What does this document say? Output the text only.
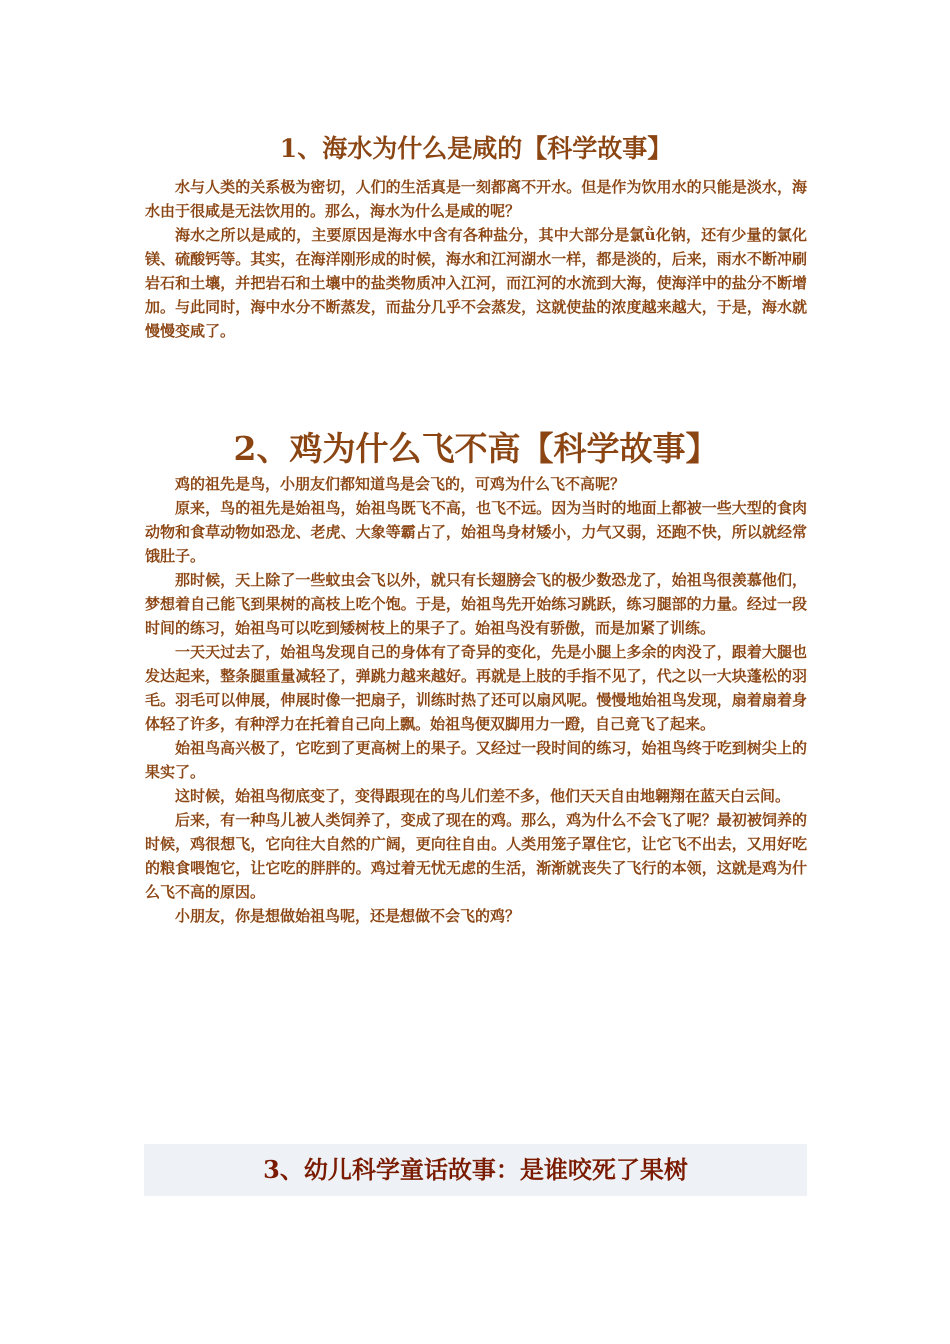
1、海水为什么是咸的【科学故事】

水与人类的关系极为密切，人们的生活真是一刻都离不开水。但是作为饮用水的只能是淡水，海水由于很咸是无法饮用的。那么，海水为什么是咸的呢？

海水之所以是咸的，主要原因是海水中含有各种盐分，其中大部分是氯ǜ化钠，还有少量的氯化镁、硫酸钙等。其实，在海洋刚形成的时候，海水和江河湖水一样，都是淡的，后来，雨水不断冲刷岩石和土壤，并把岩石和土壤中的盐类物质冲入江河，而江河的水流到大海，使海洋中的盐分不断增加。与此同时，海中水分不断蒸发，而盐分几乎不会蒸发，这就使盐的浓度越来越大，于是，海水就慢慢变咸了。

2、鸡为什么飞不高【科学故事】

鸡的祖先是鸟，小朋友们都知道鸟是会飞的，可鸡为什么飞不高呢？

原来，鸟的祖先是始祖鸟，始祖鸟既飞不高，也飞不远。因为当时的地面上都被一些大型的食肉动物和食草动物如恐龙、老虎、大象等霸占了，始祖鸟身材矮小，力气又弱，还跑不快，所以就经常饿肚子。

那时候，天上除了一些蚊虫会飞以外，就只有长翅膀会飞的极少数恐龙了，始祖鸟很羡慕他们，梦想着自己能飞到果树的高枝上吃个饱。于是，始祖鸟先开始练习跳跃，练习腿部的力量。经过一段时间的练习，始祖鸟可以吃到矮树枝上的果子了。始祖鸟没有骄傲，而是加紧了训练。

一天天过去了，始祖鸟发现自己的身体有了奇异的变化，先是小腿上多余的肉没了，跟着大腿也发达起来，整条腿重量减轻了，弹跳力越来越好。再就是上肢的手指不见了，代之以一大块蓬松的羽毛。羽毛可以伸展，伸展时像一把扇子，训练时热了还可以扇风呢。慢慢地始祖鸟发现，扇着扇着身体轻了许多，有种浮力在托着自己向上飘。始祖鸟便双脚用力一蹬，自己竟飞了起来。

始祖鸟高兴极了，它吃到了更高树上的果子。又经过一段时间的练习，始祖鸟终于吃到树尖上的果实了。

这时候，始祖鸟彻底变了，变得跟现在的鸟儿们差不多，他们天天自由地翱翔在蓝天白云间。

后来，有一种鸟儿被人类饲养了，变成了现在的鸡。那么，鸡为什么不会飞了呢？最初被饲养的时候，鸡很想飞，它向往大自然的广阔，更向往自由。人类用笼子罩住它，让它飞不出去，又用好吃的粮食喂饱它，让它吃的胖胖的。鸡过着无忧无虑的生活，渐渐就丧失了飞行的本领，这就是鸡为什么飞不高的原因。

小朋友，你是想做始祖鸟呢，还是想做不会飞的鸡？

3、幼儿科学童话故事：是谁咬死了果树
